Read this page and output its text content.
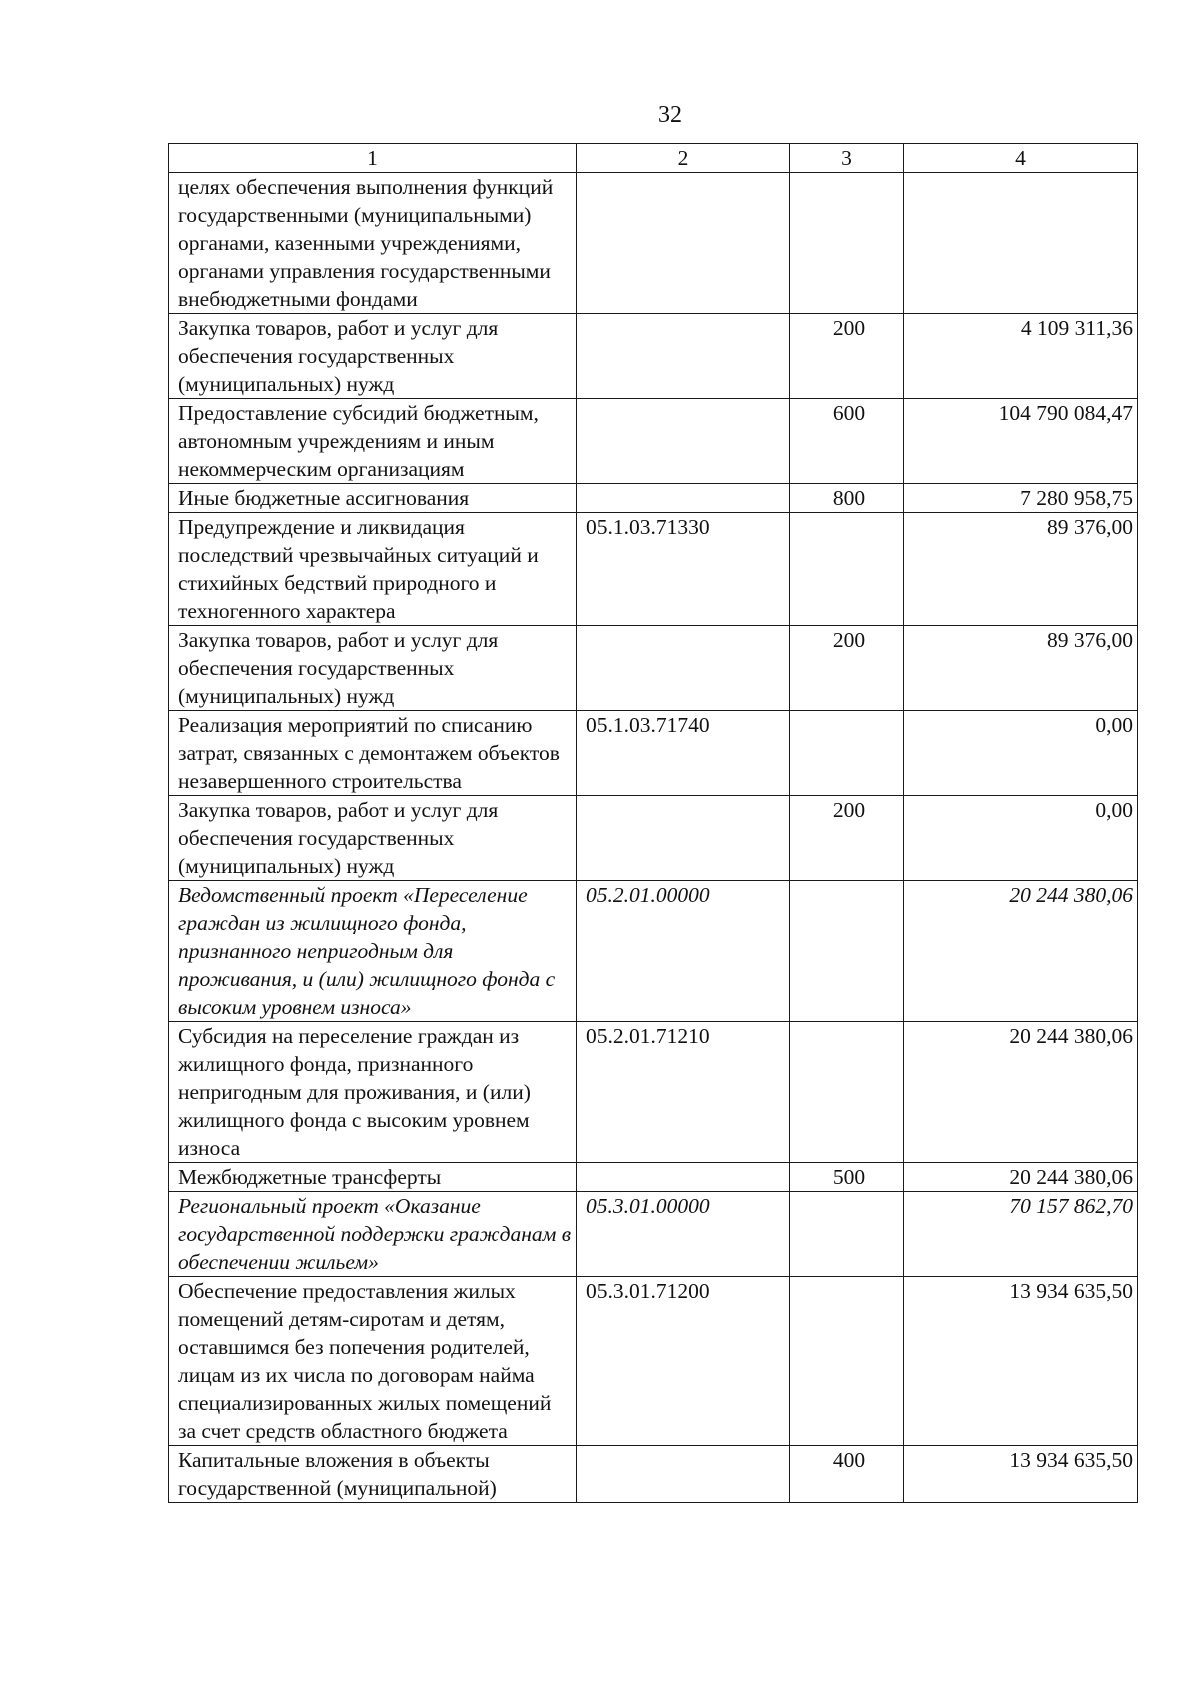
32
1	2	3	4
целях обеспечения выполнения функций государственными (муниципальными) органами, казенными учреждениями, органами управления государственными внебюджетными фондами			
Закупка товаров, работ и услуг для обеспечения государственных (муниципальных) нужд		200	4 109 311,36
Предоставление субсидий бюджетным, автономным учреждениям и иным некоммерческим организациям		600	104 790 084,47
Иные бюджетные ассигнования		800	7 280 958,75
Предупреждение и ликвидация последствий чрезвычайных ситуаций и стихийных бедствий природного и техногенного характера	05.1.03.71330		89 376,00
Закупка товаров, работ и услуг для обеспечения государственных (муниципальных) нужд		200	89 376,00
Реализация мероприятий по списанию затрат, связанных с демонтажем объектов незавершенного строительства	05.1.03.71740		0,00
Закупка товаров, работ и услуг для обеспечения государственных (муниципальных) нужд		200	0,00
Ведомственный проект «Переселение граждан из жилищного фонда, признанного непригодным для проживания, и (или) жилищного фонда с высоким уровнем износа»	05.2.01.00000		20 244 380,06
Субсидия на переселение граждан из жилищного фонда, признанного непригодным для проживания, и (или) жилищного фонда с высоким уровнем износа	05.2.01.71210		20 244 380,06
Межбюджетные трансферты		500	20 244 380,06
Региональный проект «Оказание государственной поддержки гражданам в обеспечении жильем»	05.3.01.00000		70 157 862,70
Обеспечение предоставления жилых помещений детям-сиротам и детям, оставшимся без попечения родителей, лицам из их числа по договорам найма специализированных жилых помещений за счет средств областного бюджета	05.3.01.71200		13 934 635,50
Капитальные вложения в объекты государственной (муниципальной)		400	13 934 635,50
